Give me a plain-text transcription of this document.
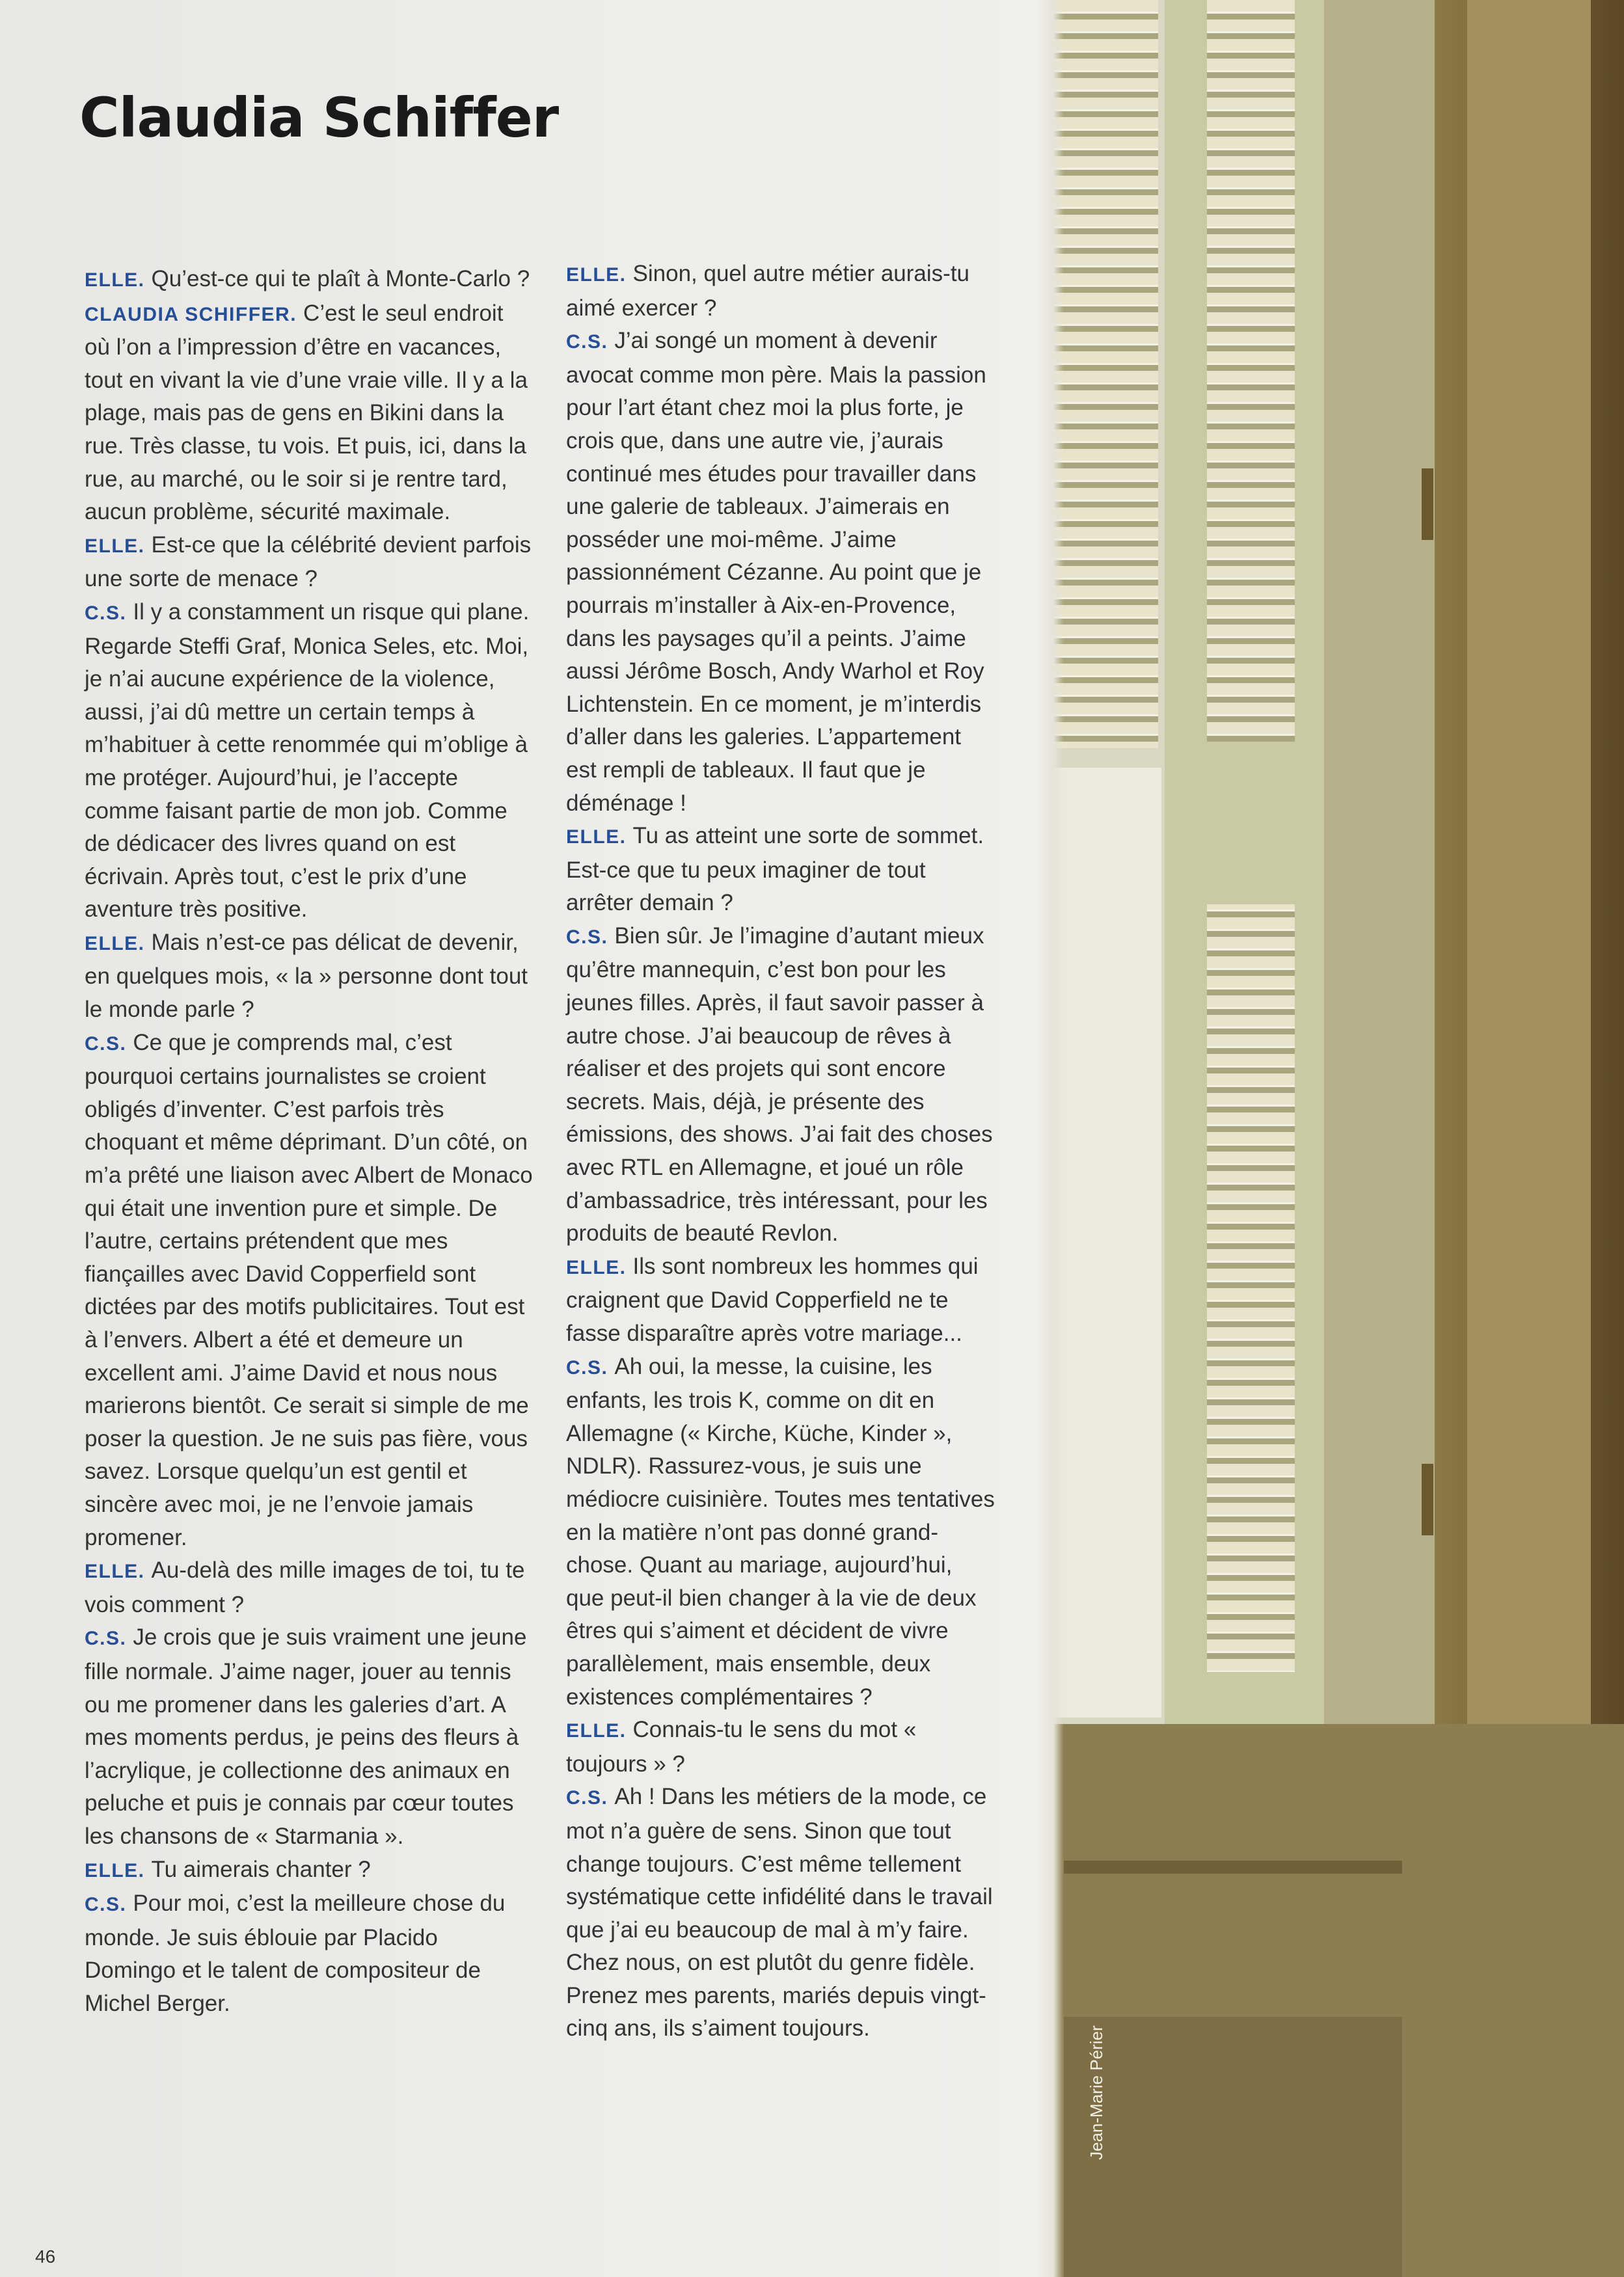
Claudia Schiffer

ELLE. Qu’est-ce qui te plaît à Monte-Carlo ?

CLAUDIA SCHIFFER. C’est le seul endroit où l’on a l’impression d’être en vacances, tout en vivant la vie d’une vraie ville. Il y a la plage, mais pas de gens en Bikini dans la rue. Très classe, tu vois. Et puis, ici, dans la rue, au marché, ou le soir si je rentre tard, aucun problème, sécurité maximale.

ELLE. Est-ce que la célébrité devient parfois une sorte de menace ?

C.S. Il y a constamment un risque qui plane. Regarde Steffi Graf, Monica Seles, etc. Moi, je n’ai aucune expérience de la violence, aussi, j’ai dû mettre un certain temps à m’habituer à cette renommée qui m’oblige à me protéger. Aujourd’hui, je l’accepte comme faisant partie de mon job. Comme de dédicacer des livres quand on est écrivain. Après tout, c’est le prix d’une aventure très positive.

ELLE. Mais n’est-ce pas délicat de devenir, en quelques mois, « la » personne dont tout le monde parle ?

C.S. Ce que je comprends mal, c’est pourquoi certains journalistes se croient obligés d’inventer. C’est parfois très choquant et même déprimant. D’un côté, on m’a prêté une liaison avec Albert de Monaco qui était une invention pure et simple. De l’autre, certains prétendent que mes fiançailles avec David Copperfield sont dictées par des motifs publicitaires. Tout est à l’envers. Albert a été et demeure un excellent ami. J’aime David et nous nous marierons bientôt. Ce serait si simple de me poser la question. Je ne suis pas fière, vous savez. Lorsque quelqu’un est gentil et sincère avec moi, je ne l’envoie jamais promener.

ELLE. Au-delà des mille images de toi, tu te vois comment ?

C.S. Je crois que je suis vraiment une jeune fille normale. J’aime nager, jouer au tennis ou me promener dans les galeries d’art. A mes moments perdus, je peins des fleurs à l’acrylique, je collectionne des animaux en peluche et puis je connais par cœur toutes les chansons de « Starmania ».

ELLE. Tu aimerais chanter ?

C.S. Pour moi, c’est la meilleure chose du monde. Je suis éblouie par Placido Domingo et le talent de compositeur de Michel Berger.

ELLE. Sinon, quel autre métier aurais-tu aimé exercer ?

C.S. J’ai songé un moment à devenir avocat comme mon père. Mais la passion pour l’art étant chez moi la plus forte, je crois que, dans une autre vie, j’aurais continué mes études pour travailler dans une galerie de tableaux. J’aimerais en posséder une moi-même. J’aime passionnément Cézanne. Au point que je pourrais m’installer à Aix-en-Provence, dans les paysages qu’il a peints. J’aime aussi Jérôme Bosch, Andy Warhol et Roy Lichtenstein. En ce moment, je m’interdis d’aller dans les galeries. L’appartement est rempli de tableaux. Il faut que je déménage !

ELLE. Tu as atteint une sorte de sommet. Est-ce que tu peux imaginer de tout arrêter demain ?

C.S. Bien sûr. Je l’imagine d’autant mieux qu’être mannequin, c’est bon pour les jeunes filles. Après, il faut savoir passer à autre chose. J’ai beaucoup de rêves à réaliser et des projets qui sont encore secrets. Mais, déjà, je présente des émissions, des shows. J’ai fait des choses avec RTL en Allemagne, et joué un rôle d’ambassadrice, très intéressant, pour les produits de beauté Revlon.

ELLE. Ils sont nombreux les hommes qui craignent que David Copperfield ne te fasse disparaître après votre mariage...

C.S. Ah oui, la messe, la cuisine, les enfants, les trois K, comme on dit en Allemagne (« Kirche, Küche, Kinder », NDLR). Rassurez-vous, je suis une médiocre cuisinière. Toutes mes tentatives en la matière n’ont pas donné grand-chose. Quant au mariage, aujourd’hui, que peut-il bien changer à la vie de deux êtres qui s’aiment et décident de vivre parallèlement, mais ensemble, deux existences complémentaires ?

ELLE. Connais-tu le sens du mot « toujours » ?

C.S. Ah ! Dans les métiers de la mode, ce mot n’a guère de sens. Sinon que tout change toujours. C’est même tellement systématique cette infidélité dans le travail que j’ai eu beaucoup de mal à m’y faire. Chez nous, on est plutôt du genre fidèle. Prenez mes parents, mariés depuis vingt-cinq ans, ils s’aiment toujours.

46
Jean-Marie Périer
